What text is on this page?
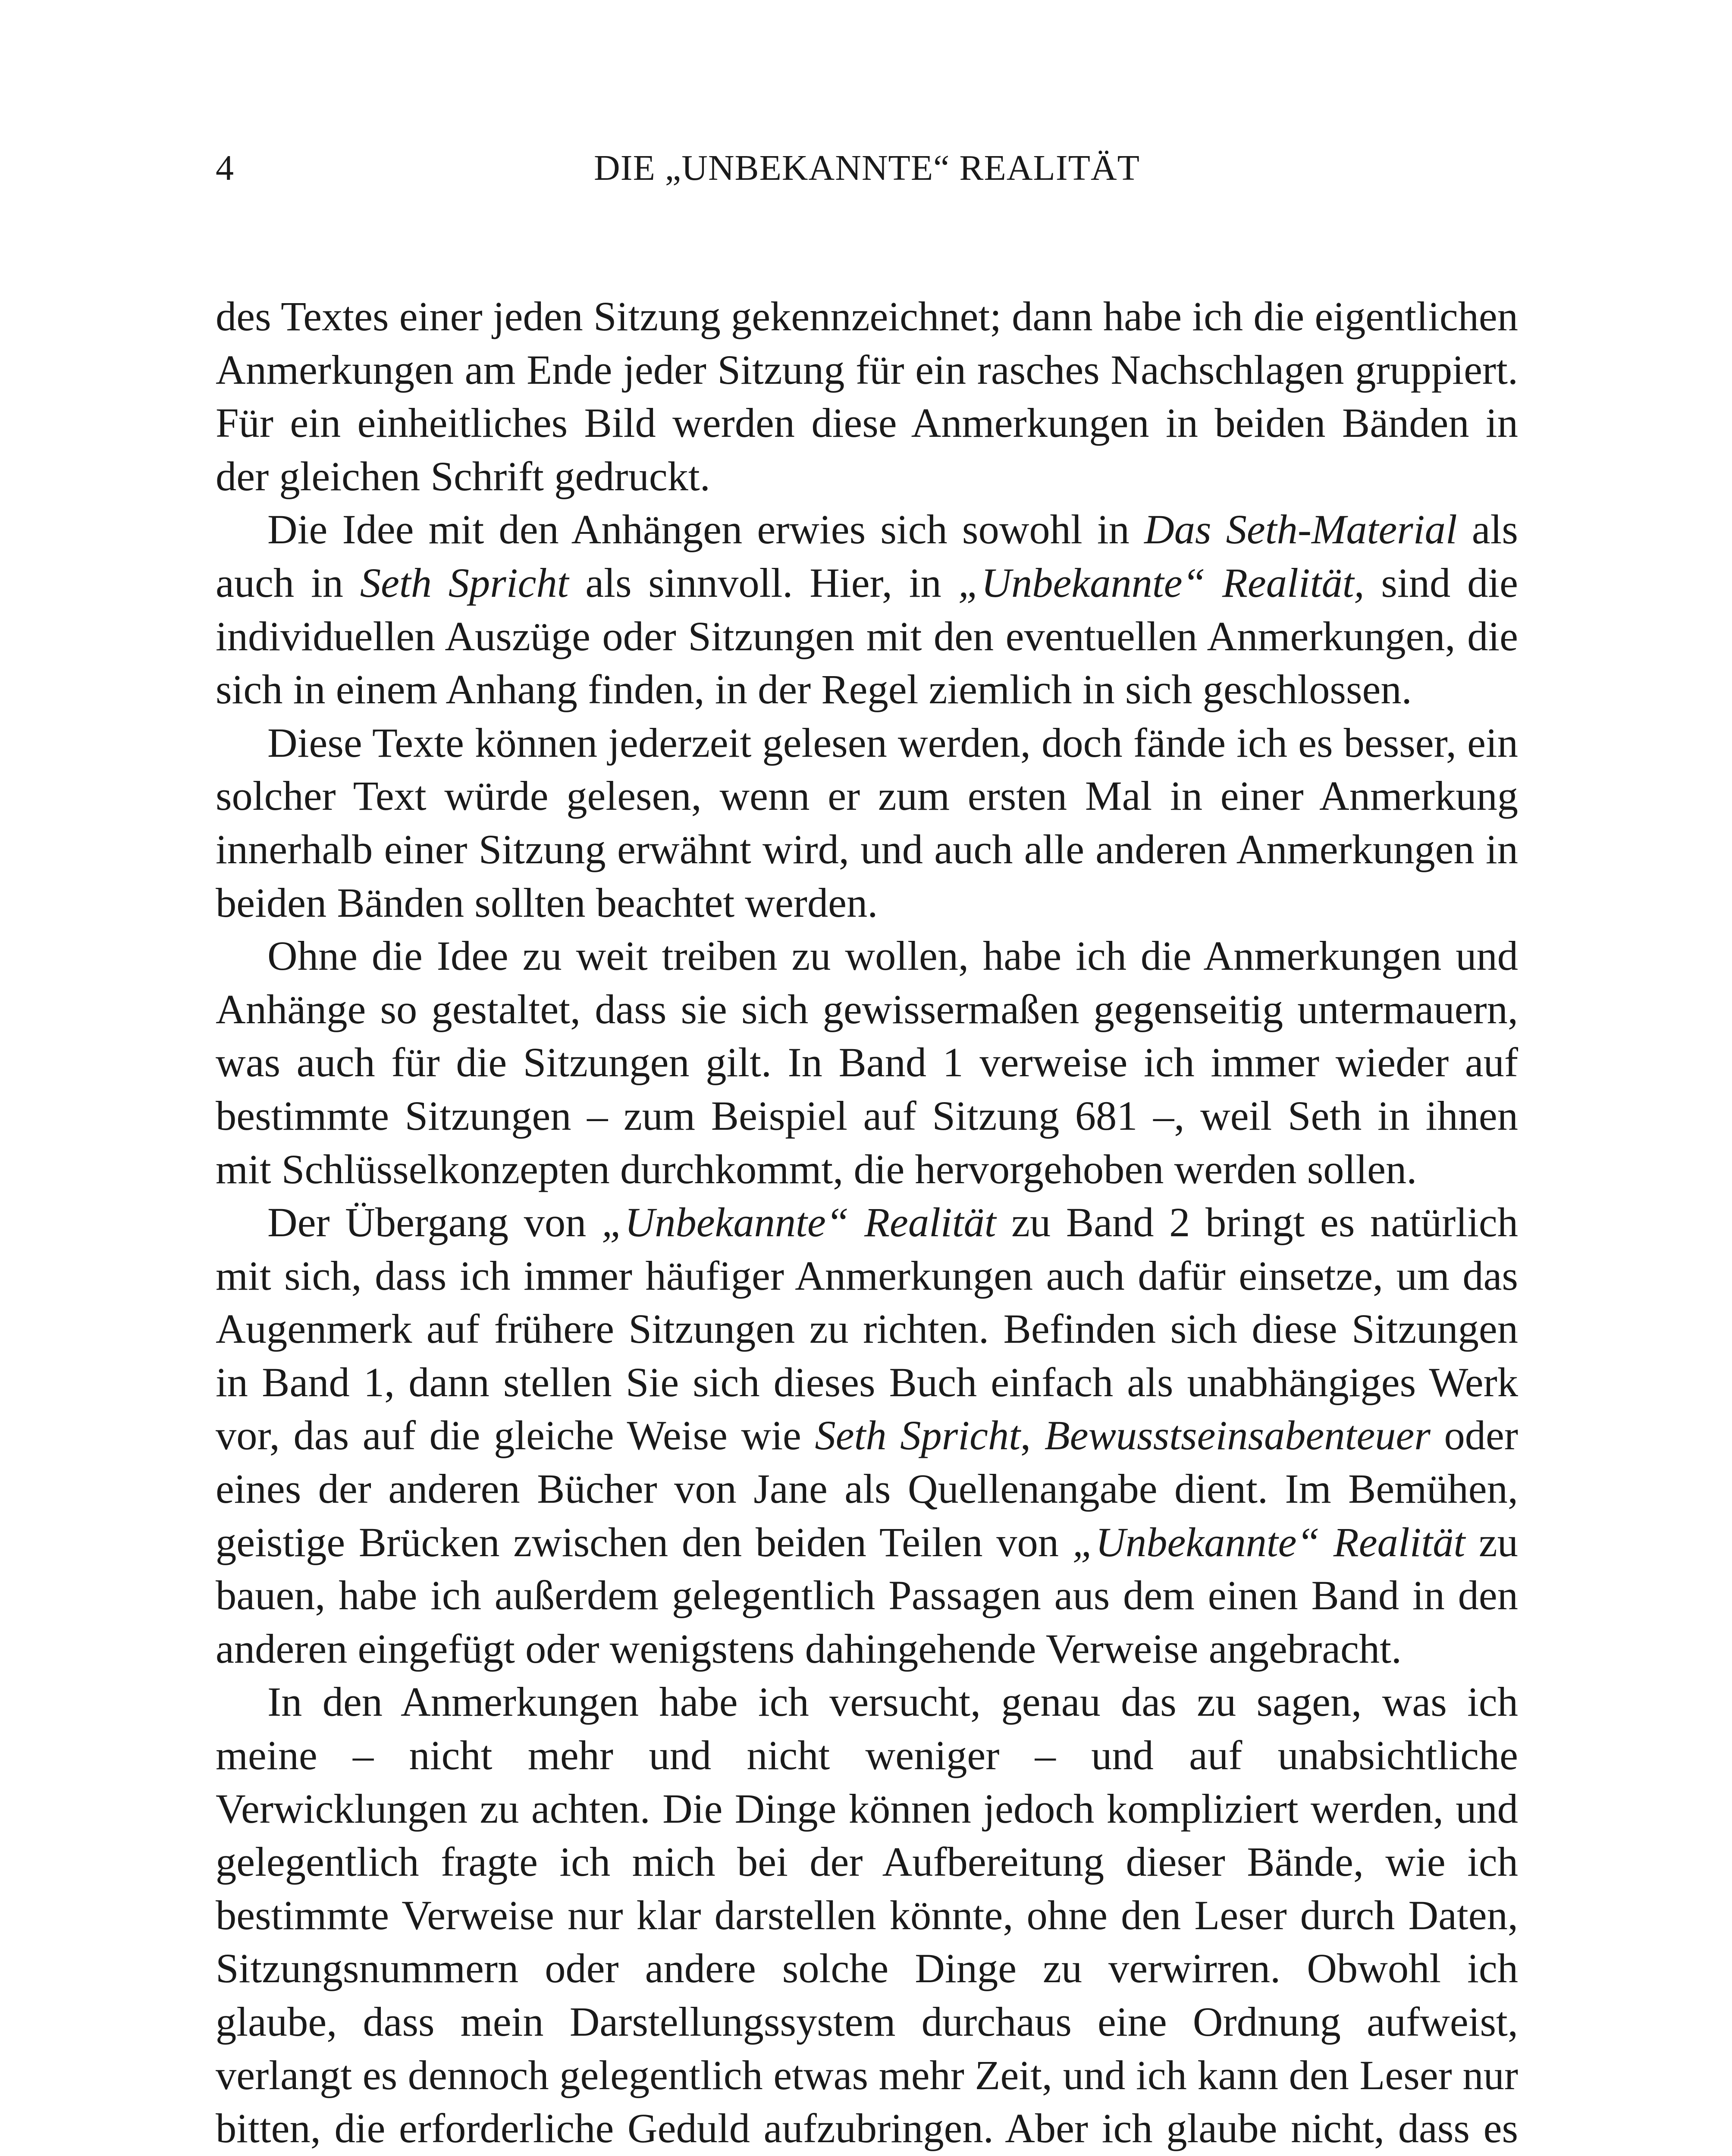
4	DIE „UNBEKANNTE“ REALITÄT

des Textes einer jeden Sitzung gekennzeichnet; dann habe ich die eigentlichen Anmerkungen am Ende jeder Sitzung für ein rasches Nachschlagen gruppiert. Für ein einheitliches Bild werden diese Anmerkungen in beiden Bänden in der gleichen Schrift gedruckt.

Die Idee mit den Anhängen erwies sich sowohl in Das Seth-Material als auch in Seth Spricht als sinnvoll. Hier, in „Unbekannte“ Realität, sind die individuellen Auszüge oder Sitzungen mit den eventuellen Anmerkungen, die sich in einem Anhang finden, in der Regel ziemlich in sich geschlossen.

Diese Texte können jederzeit gelesen werden, doch fände ich es besser, ein solcher Text würde gelesen, wenn er zum ersten Mal in einer Anmerkung innerhalb einer Sitzung erwähnt wird, und auch alle anderen Anmerkungen in beiden Bänden sollten beachtet werden.

Ohne die Idee zu weit treiben zu wollen, habe ich die Anmerkungen und Anhänge so gestaltet, dass sie sich gewissermaßen gegenseitig untermauern, was auch für die Sitzungen gilt. In Band 1 verweise ich immer wieder auf bestimmte Sitzungen – zum Beispiel auf Sitzung 681 –, weil Seth in ihnen mit Schlüsselkonzepten durchkommt, die hervorgehoben werden sollen.

Der Übergang von „Unbekannte“ Realität zu Band 2 bringt es natürlich mit sich, dass ich immer häufiger Anmerkungen auch dafür einsetze, um das Augenmerk auf frühere Sitzungen zu richten. Befinden sich diese Sitzungen in Band 1, dann stellen Sie sich dieses Buch einfach als unabhängiges Werk vor, das auf die gleiche Weise wie Seth Spricht, Bewusstseinsabenteuer oder eines der anderen Bücher von Jane als Quellenangabe dient. Im Bemühen, geistige Brücken zwischen den beiden Teilen von „Unbekannte“ Realität zu bauen, habe ich außerdem gelegentlich Passagen aus dem einen Band in den anderen eingefügt oder wenigstens dahingehende Verweise angebracht.

In den Anmerkungen habe ich versucht, genau das zu sagen, was ich meine – nicht mehr und nicht weniger – und auf unabsichtliche Verwicklungen zu achten. Die Dinge können jedoch kompliziert werden, und gelegentlich fragte ich mich bei der Aufbereitung dieser Bände, wie ich bestimmte Verweise nur klar darstellen könnte, ohne den Leser durch Daten, Sitzungsnummern oder andere solche Dinge zu verwirren. Obwohl ich glaube, dass mein Darstellungssystem durchaus eine Ordnung aufweist, verlangt es dennoch gelegentlich etwas mehr Zeit, und ich kann den Leser nur bitten, die erforderliche Geduld aufzubringen. Aber ich glaube nicht, dass es
